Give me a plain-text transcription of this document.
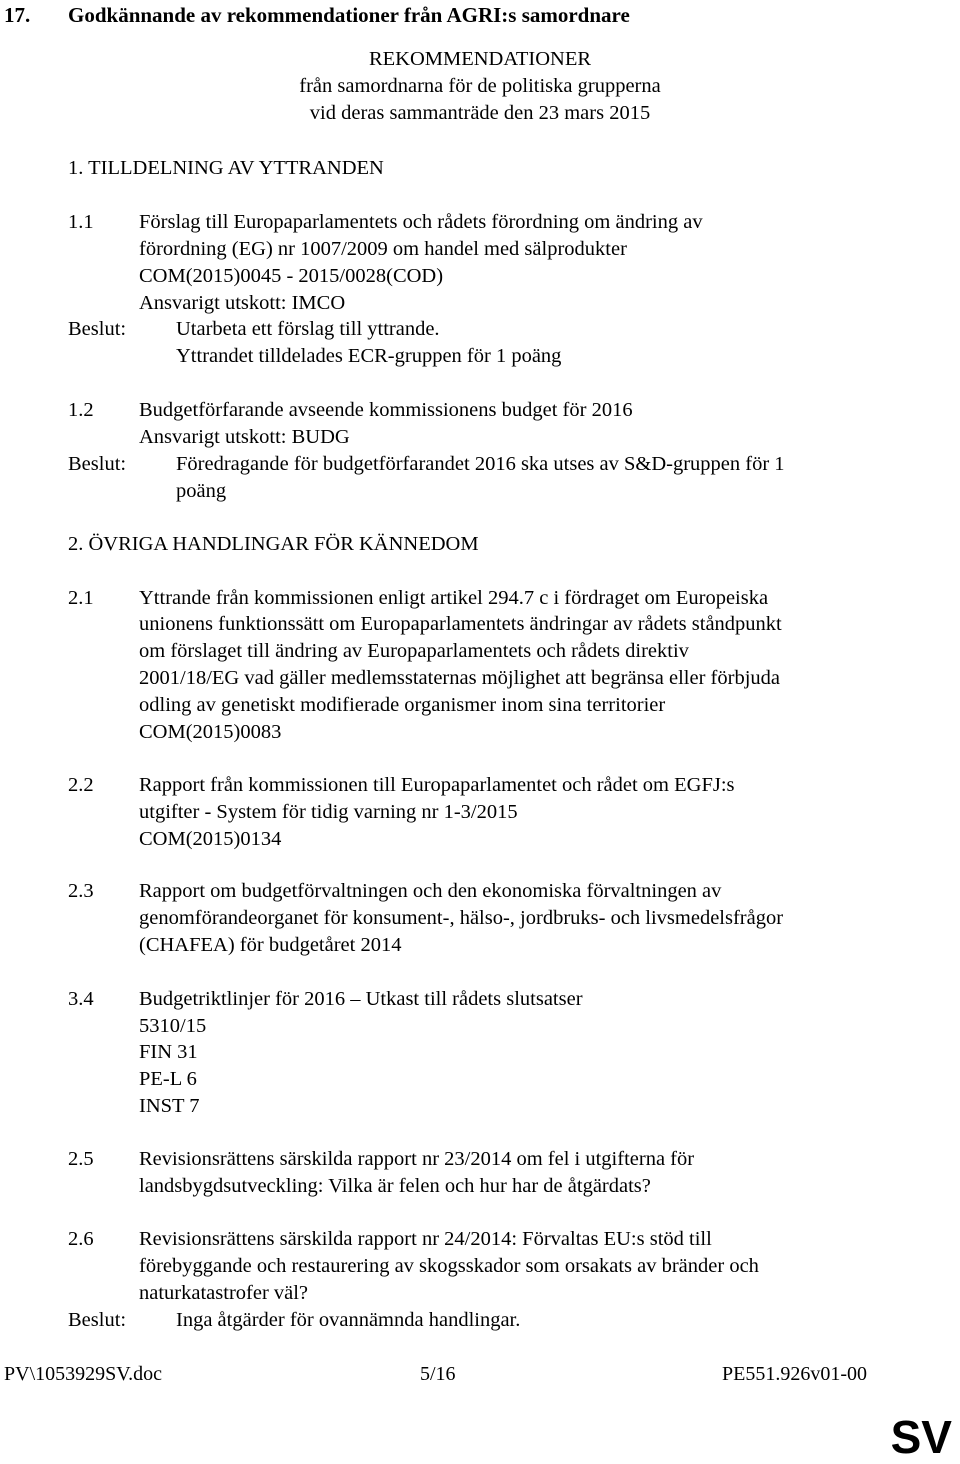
17. Godkännande av rekommendationer från AGRI:s samordnare
REKOMMENDATIONER
från samordnarna för de politiska grupperna
vid deras sammanträde den 23 mars 2015
1. TILLDELNING AV YTTRANDEN
1.1 Förslag till Europaparlamentets och rådets förordning om ändring av
förordning (EG) nr 1007/2009 om handel med sälprodukter
COM(2015)0045 - 2015/0028(COD)
Ansvarigt utskott: IMCO
Beslut: Utarbeta ett förslag till yttrande.
Yttrandet tilldelades ECR-gruppen för 1 poäng
1.2 Budgetförfarande avseende kommissionens budget för 2016
Ansvarigt utskott: BUDG
Beslut: Föredragande för budgetförfarandet 2016 ska utses av S&D-gruppen för 1
poäng
2. ÖVRIGA HANDLINGAR FÖR KÄNNEDOM
2.1 Yttrande från kommissionen enligt artikel 294.7 c i fördraget om Europeiska
unionens funktionssätt om Europaparlamentets ändringar av rådets ståndpunkt
om förslaget till ändring av Europaparlamentets och rådets direktiv
2001/18/EG vad gäller medlemsstaternas möjlighet att begränsa eller förbjuda
odling av genetiskt modifierade organismer inom sina territorier
COM(2015)0083
2.2 Rapport från kommissionen till Europaparlamentet och rådet om EGFJ:s
utgifter - System för tidig varning nr 1-3/2015
COM(2015)0134
2.3 Rapport om budgetförvaltningen och den ekonomiska förvaltningen av
genomförandeorganet för konsument-, hälso-, jordbruks- och livsmedelsfrågor
(CHAFEA) för budgetåret 2014
3.4 Budgetriktlinjer för 2016 – Utkast till rådets slutsatser
5310/15
FIN 31
PE-L 6
INST 7
2.5 Revisionsrättens särskilda rapport nr 23/2014 om fel i utgifterna för
landsbygdsutveckling: Vilka är felen och hur har de åtgärdats?
2.6 Revisionsrättens särskilda rapport nr 24/2014: Förvaltas EU:s stöd till
förebyggande och restaurering av skogsskador som orsakats av bränder och
naturkatastrofer väl?
Beslut: Inga åtgärder för ovannämnda handlingar.
PV\1053929SV.doc	5/16	PE551.926v01-00
SV
